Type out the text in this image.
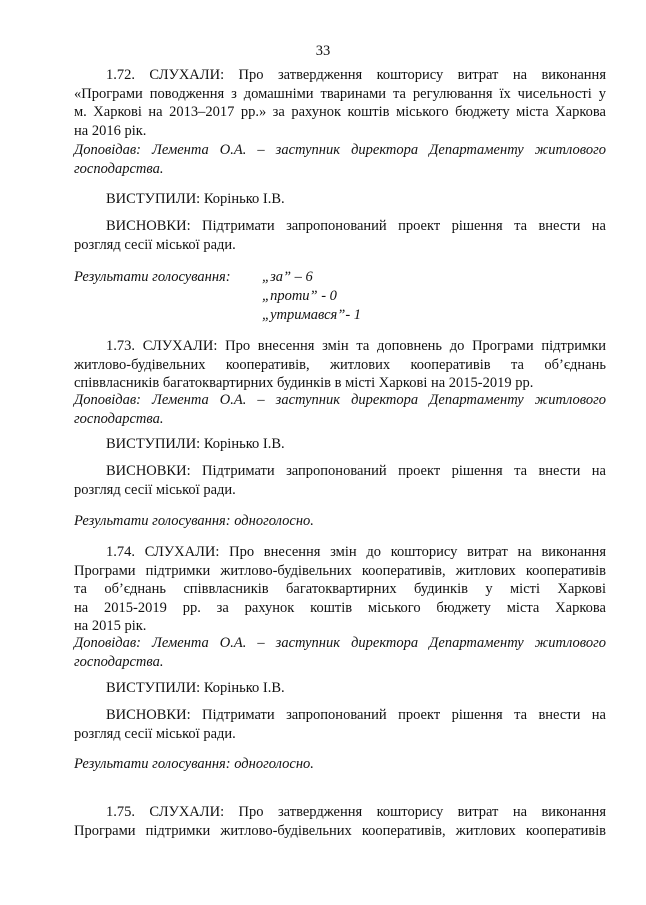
33

1.72. СЛУХАЛИ: Про затвердження кошторису витрат на виконання

«Програми поводження з домашніми тваринами та регулювання їх чисельності у

м. Харкові на 2013–2017 рр.» за рахунок коштів міського бюджету міста Харкова

на 2016 рік.

Доповідав: Лемента О.А. – заступник директора Департаменту житлового

господарства.

ВИСТУПИЛИ: Корінько І.В.

ВИСНОВКИ: Підтримати запропонований проект рішення та внести на

розгляд сесії міської ради.

Результати голосування: „за” – 6
„проти” - 0
„утримався”- 1

1.73. СЛУХАЛИ: Про внесення змін та доповнень до Програми підтримки

житлово-будівельних кооперативів, житлових кооперативів та об’єднань

співвласників багатоквартирних будинків в місті Харкові на 2015-2019 рр.

Доповідав: Лемента О.А. – заступник директора Департаменту житлового

господарства.

ВИСТУПИЛИ: Корінько І.В.

ВИСНОВКИ: Підтримати запропонований проект рішення та внести на

розгляд сесії міської ради.

Результати голосування: одноголосно.

1.74. СЛУХАЛИ: Про внесення змін до кошторису витрат на виконання

Програми підтримки житлово-будівельних кооперативів, житлових кооперативів

та об’єднань співвласників багатоквартирних будинків у місті Харкові

на 2015-2019 рр. за рахунок коштів міського бюджету міста Харкова

на 2015 рік.

Доповідав: Лемента О.А. – заступник директора Департаменту житлового

господарства.

ВИСТУПИЛИ: Корінько І.В.

ВИСНОВКИ: Підтримати запропонований проект рішення та внести на

розгляд сесії міської ради.

Результати голосування: одноголосно.

1.75. СЛУХАЛИ: Про затвердження кошторису витрат на виконання

Програми підтримки житлово-будівельних кооперативів, житлових кооперативів
